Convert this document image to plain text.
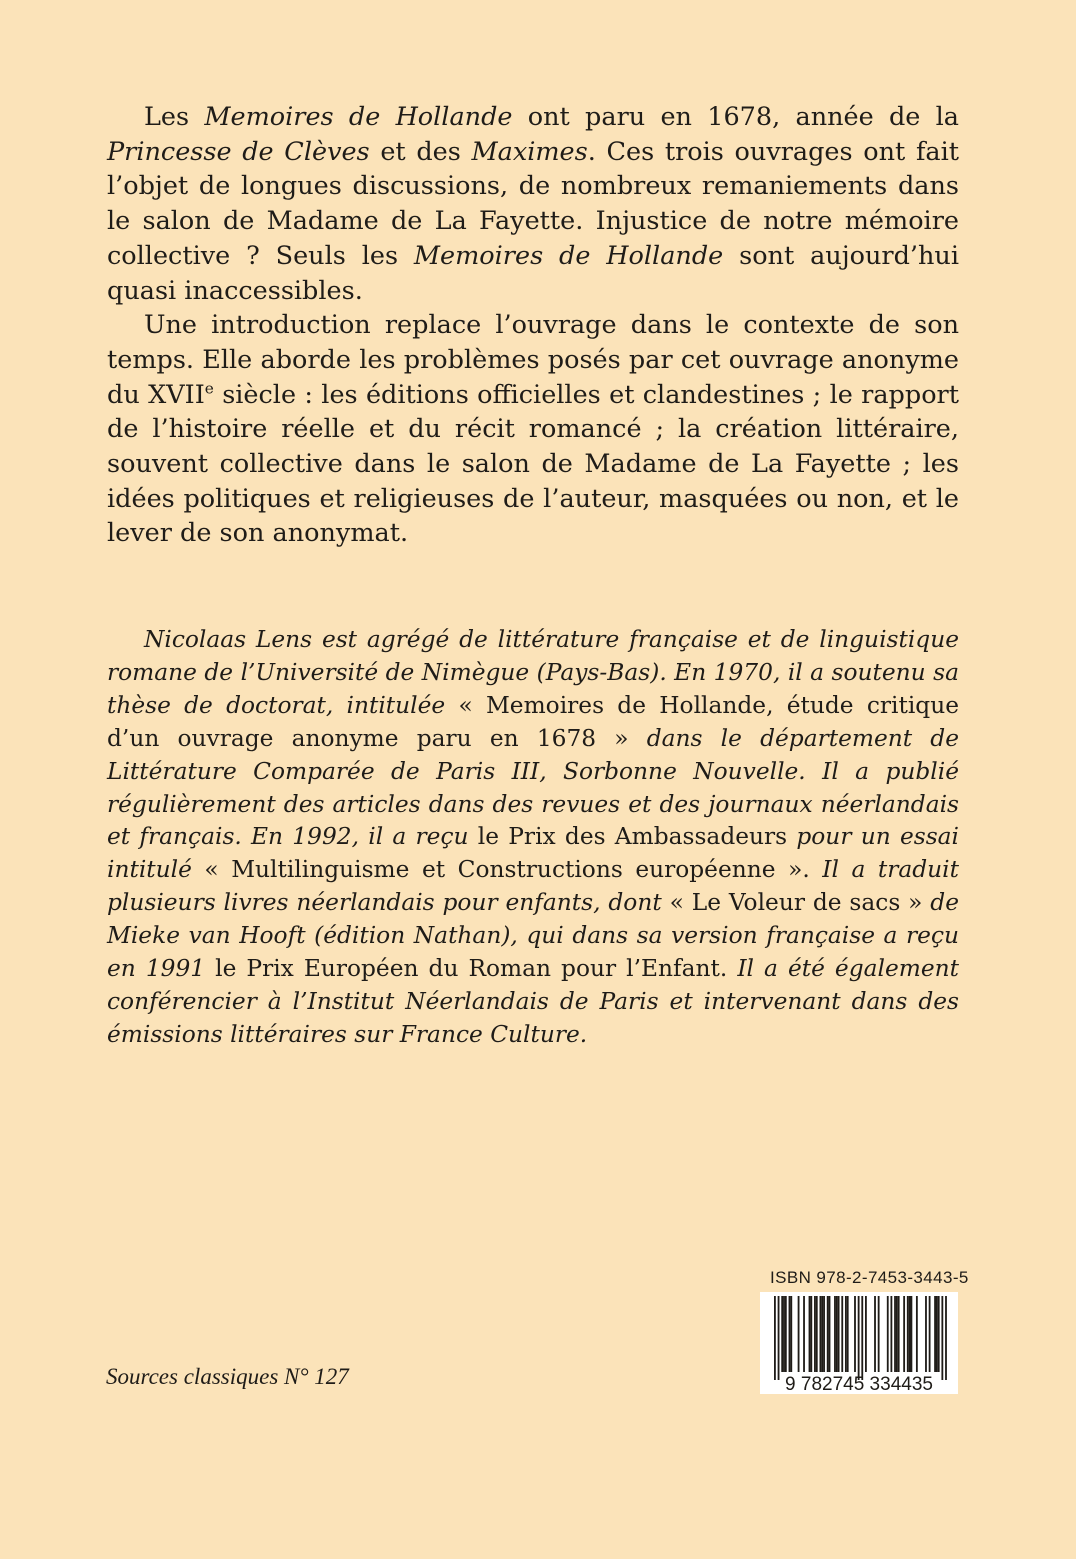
Les Memoires de Hollande ont paru en 1678, année de la Princesse de Clèves et des Maximes. Ces trois ouvrages ont fait l’objet de longues discussions, de nombreux remaniements dans le salon de Madame de La Fayette. Injustice de notre mémoire collective ? Seuls les Memoires de Hollande sont aujourd’hui quasi inaccessibles.

Une introduction replace l’ouvrage dans le contexte de son temps. Elle aborde les problèmes posés par cet ouvrage anonyme du XVIIe siècle : les éditions officielles et clandestines ; le rapport de l’histoire réelle et du récit romancé ; la création littéraire, souvent collective dans le salon de Madame de La Fayette ; les idées politiques et religieuses de l’auteur, masquées ou non, et le lever de son anonymat.

Nicolaas Lens est agrégé de littérature française et de linguistique romane de l’Université de Nimègue (Pays-Bas). En 1970, il a soutenu sa thèse de doctorat, intitulée « Memoires de Hollande, étude critique d’un ouvrage anonyme paru en 1678 » dans le département de Littérature Comparée de Paris III, Sorbonne Nouvelle. Il a publié régulièrement des articles dans des revues et des journaux néerlandais et français. En 1992, il a reçu le Prix des Ambassadeurs pour un essai intitulé « Multilinguisme et Constructions européenne ». Il a traduit plusieurs livres néerlandais pour enfants, dont « Le Voleur de sacs » de Mieke van Hooft (édition Nathan), qui dans sa version française a reçu en 1991 le Prix Européen du Roman pour l’Enfant. Il a été également conférencier à l’Institut Néerlandais de Paris et intervenant dans des émissions littéraires sur France Culture.
Sources classiques N° 127
ISBN 978-2-7453-3443-5
9 782745 334435
